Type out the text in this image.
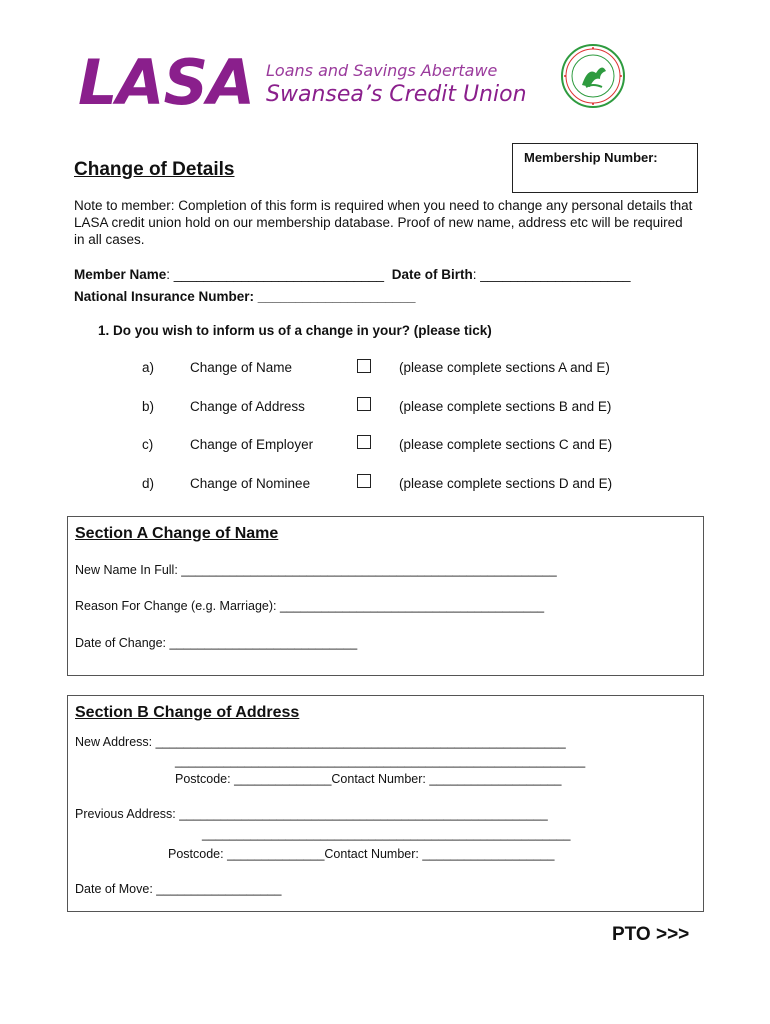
LASA Loans and Savings Abertawe
Swansea’s Credit Union
Membership Number:
Change of Details
Note to member: Completion of this form is required when you need to change any personal details that LASA credit union hold on our membership database. Proof of new name, address etc will be required in all cases.
Member Name: ____________________________ Date of Birth: ____________________
National Insurance Number: _____________________
1. Do you wish to inform us of a change in your? (please tick)
a)	Change of Name	(please complete sections A and E)
b)	Change of Address	(please complete sections B and E)
c)	Change of Employer	(please complete sections C and E)
d)	Change of Nominee	(please complete sections D and E)
Section A Change of Name
New Name In Full: ______________________________________________________
Reason For Change (e.g. Marriage): ______________________________________
Date of Change: ___________________________
Section B Change of Address
New Address: ___________________________________________________________
___________________________________________________________
Postcode: ______________Contact Number: ___________________
Previous Address: _____________________________________________________
_____________________________________________________
Postcode: ______________Contact Number: ___________________
Date of Move: __________________
PTO >>>
